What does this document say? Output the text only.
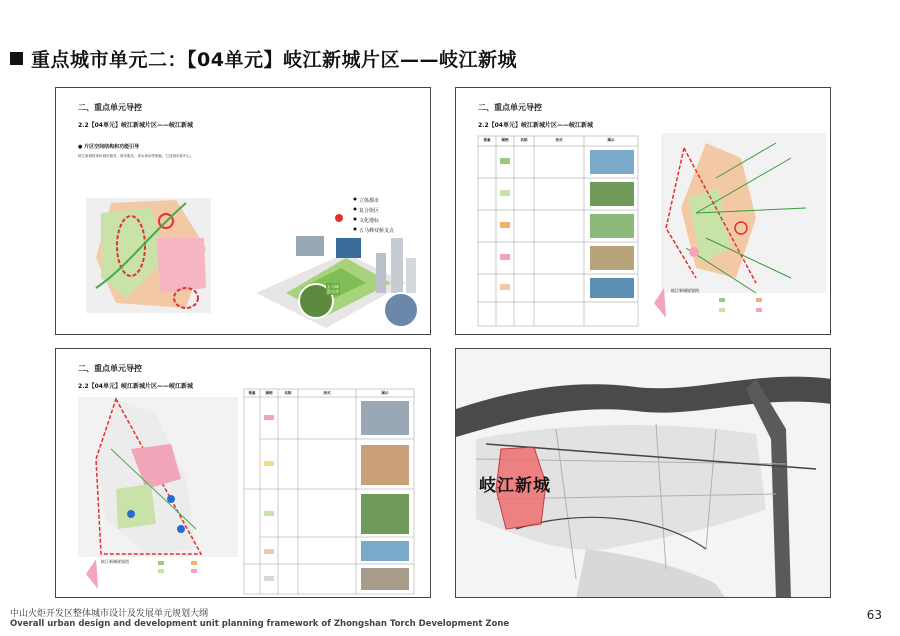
重点城市单元二：【04单元】岐江新城片区——岐江新城
二、重点单元导控
2.2【04单元】岐江新城片区——岐江新城
● 片区空间结构和功能引导
岐江新城将承担城市服务、商务服务、滨水休闲等职能，打造城市新中心。
立体都市
复合街区
文化地标
五马峰双桥支点
五马峰滨水带
二、重点单元导控
2.2【04单元】岐江新城片区——岐江新城
要素	图例	名称	形式	图示
岐江新城规划图
二、重点单元导控
2.2【04单元】岐江新城片区——岐江新城
要素	图例	名称	形式	图示
岐江新城规划图
岐江新城
中山火炬开发区整体城市设计及发展单元规划大纲
Overall urban design and development unit planning framework of Zhongshan Torch Development Zone
63
